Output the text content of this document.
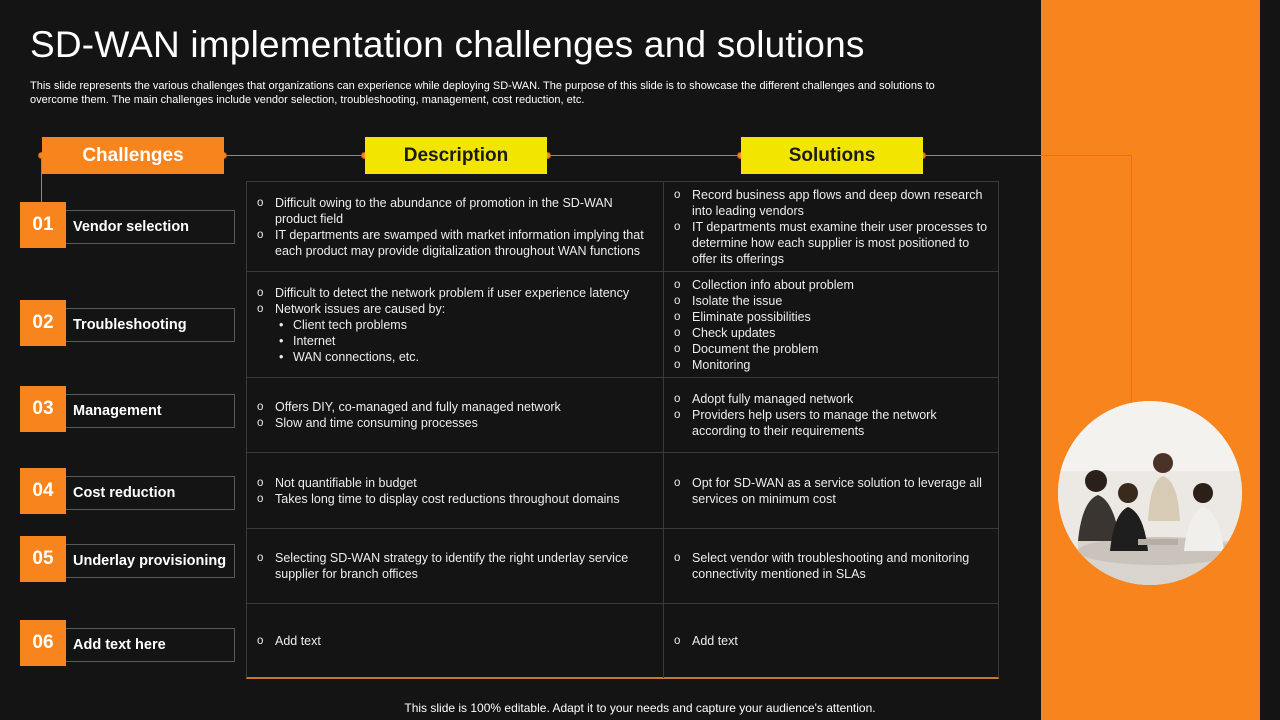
SD-WAN implementation challenges and solutions

This slide represents the various challenges that organizations can experience while deploying SD-WAN. The purpose of this slide is to showcase the different challenges and solutions to overcome them. The main challenges include vendor selection, troubleshooting, management, cost reduction, etc.

Challenges	Description	Solutions
01	Vendor selection
02	Troubleshooting
03	Management
04	Cost reduction
05	Underlay provisioning
06	Add text here
o Difficult owing to the abundance of promotion in the SD-WAN product field
o IT departments are swamped with market information implying that each product may provide digitalization throughout WAN functions
o Record business app flows and deep down research into leading vendors
o IT departments must examine their user processes to determine how each supplier is most positioned to offer its offerings
o Difficult to detect the network problem if user experience latency
o Network issues are caused by:
• Client tech problems
• Internet
• WAN connections, etc.
o Collection info about problem
o Isolate the issue
o Eliminate possibilities
o Check updates
o Document the problem
o Monitoring
o Offers DIY, co-managed and fully managed network
o Slow and time consuming processes
o Adopt fully managed network
o Providers help users to manage the network according to their requirements
o Not quantifiable in budget
o Takes long time to display cost reductions throughout domains
o Opt for SD-WAN as a service solution to leverage all services on minimum cost
o Selecting SD-WAN strategy to identify the right underlay service supplier for branch offices
o Select vendor with troubleshooting and monitoring connectivity mentioned in SLAs
o Add text
o	Add text
This slide is 100% editable. Adapt it to your needs and capture your audience's attention.
